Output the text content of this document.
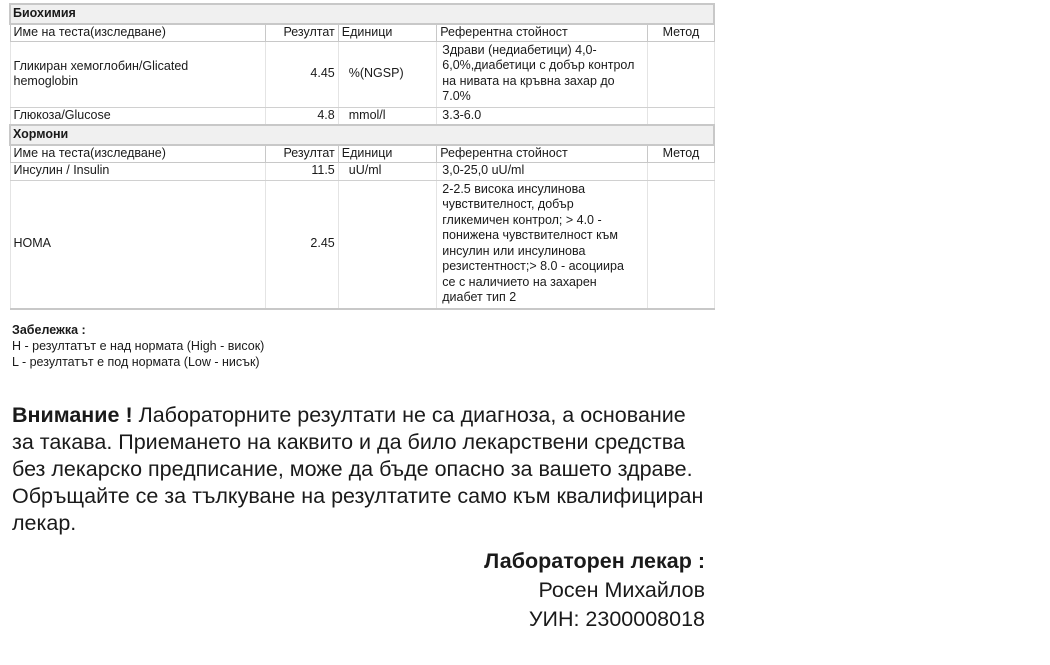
Биохимия				
Име на теста(изследване)	Резултат	Единици	Референтна стойност	Метод

Гликиран хемоглобин/Glicated hemoglobin	4.45	%(NGSP)	Здрави (недиабетици) 4,0-6,0%,диабетици с добър контрол на нивата на кръвна захар до 7.0%	

Глюкоза/Glucose	4.8	mmol/l	3.3-6.0	
Хормони				
Име на теста(изследване)	Резултат	Единици	Референтна стойност	Метод
Инсулин / Insulin	11.5	uU/ml	3,0-25,0 uU/ml	
HOMA	2.45		2-2.5 висока инсулинова чувствителност, добър гликемичен контрол; > 4.0 - понижена чувствителност към инсулин или инсулинова резистентност;> 8.0 - асоциира се с наличието на захарен диабет тип 2	

Забележка :
H - резултатът е над нормата (High - висок)
L - резултатът е под нормата (Low - нисък)
Внимание ! Лабораторните резултати не са диагноза, а основание за такава. Приемането на каквито и да било лекарствени средства без лекарско предписание, може да бъде опасно за вашето здраве. Обръщайте се за тълкуване на резултатите само към квалифициран лекар.
Лабораторен лекар :
Росен Михайлов
УИН: 2300008018
